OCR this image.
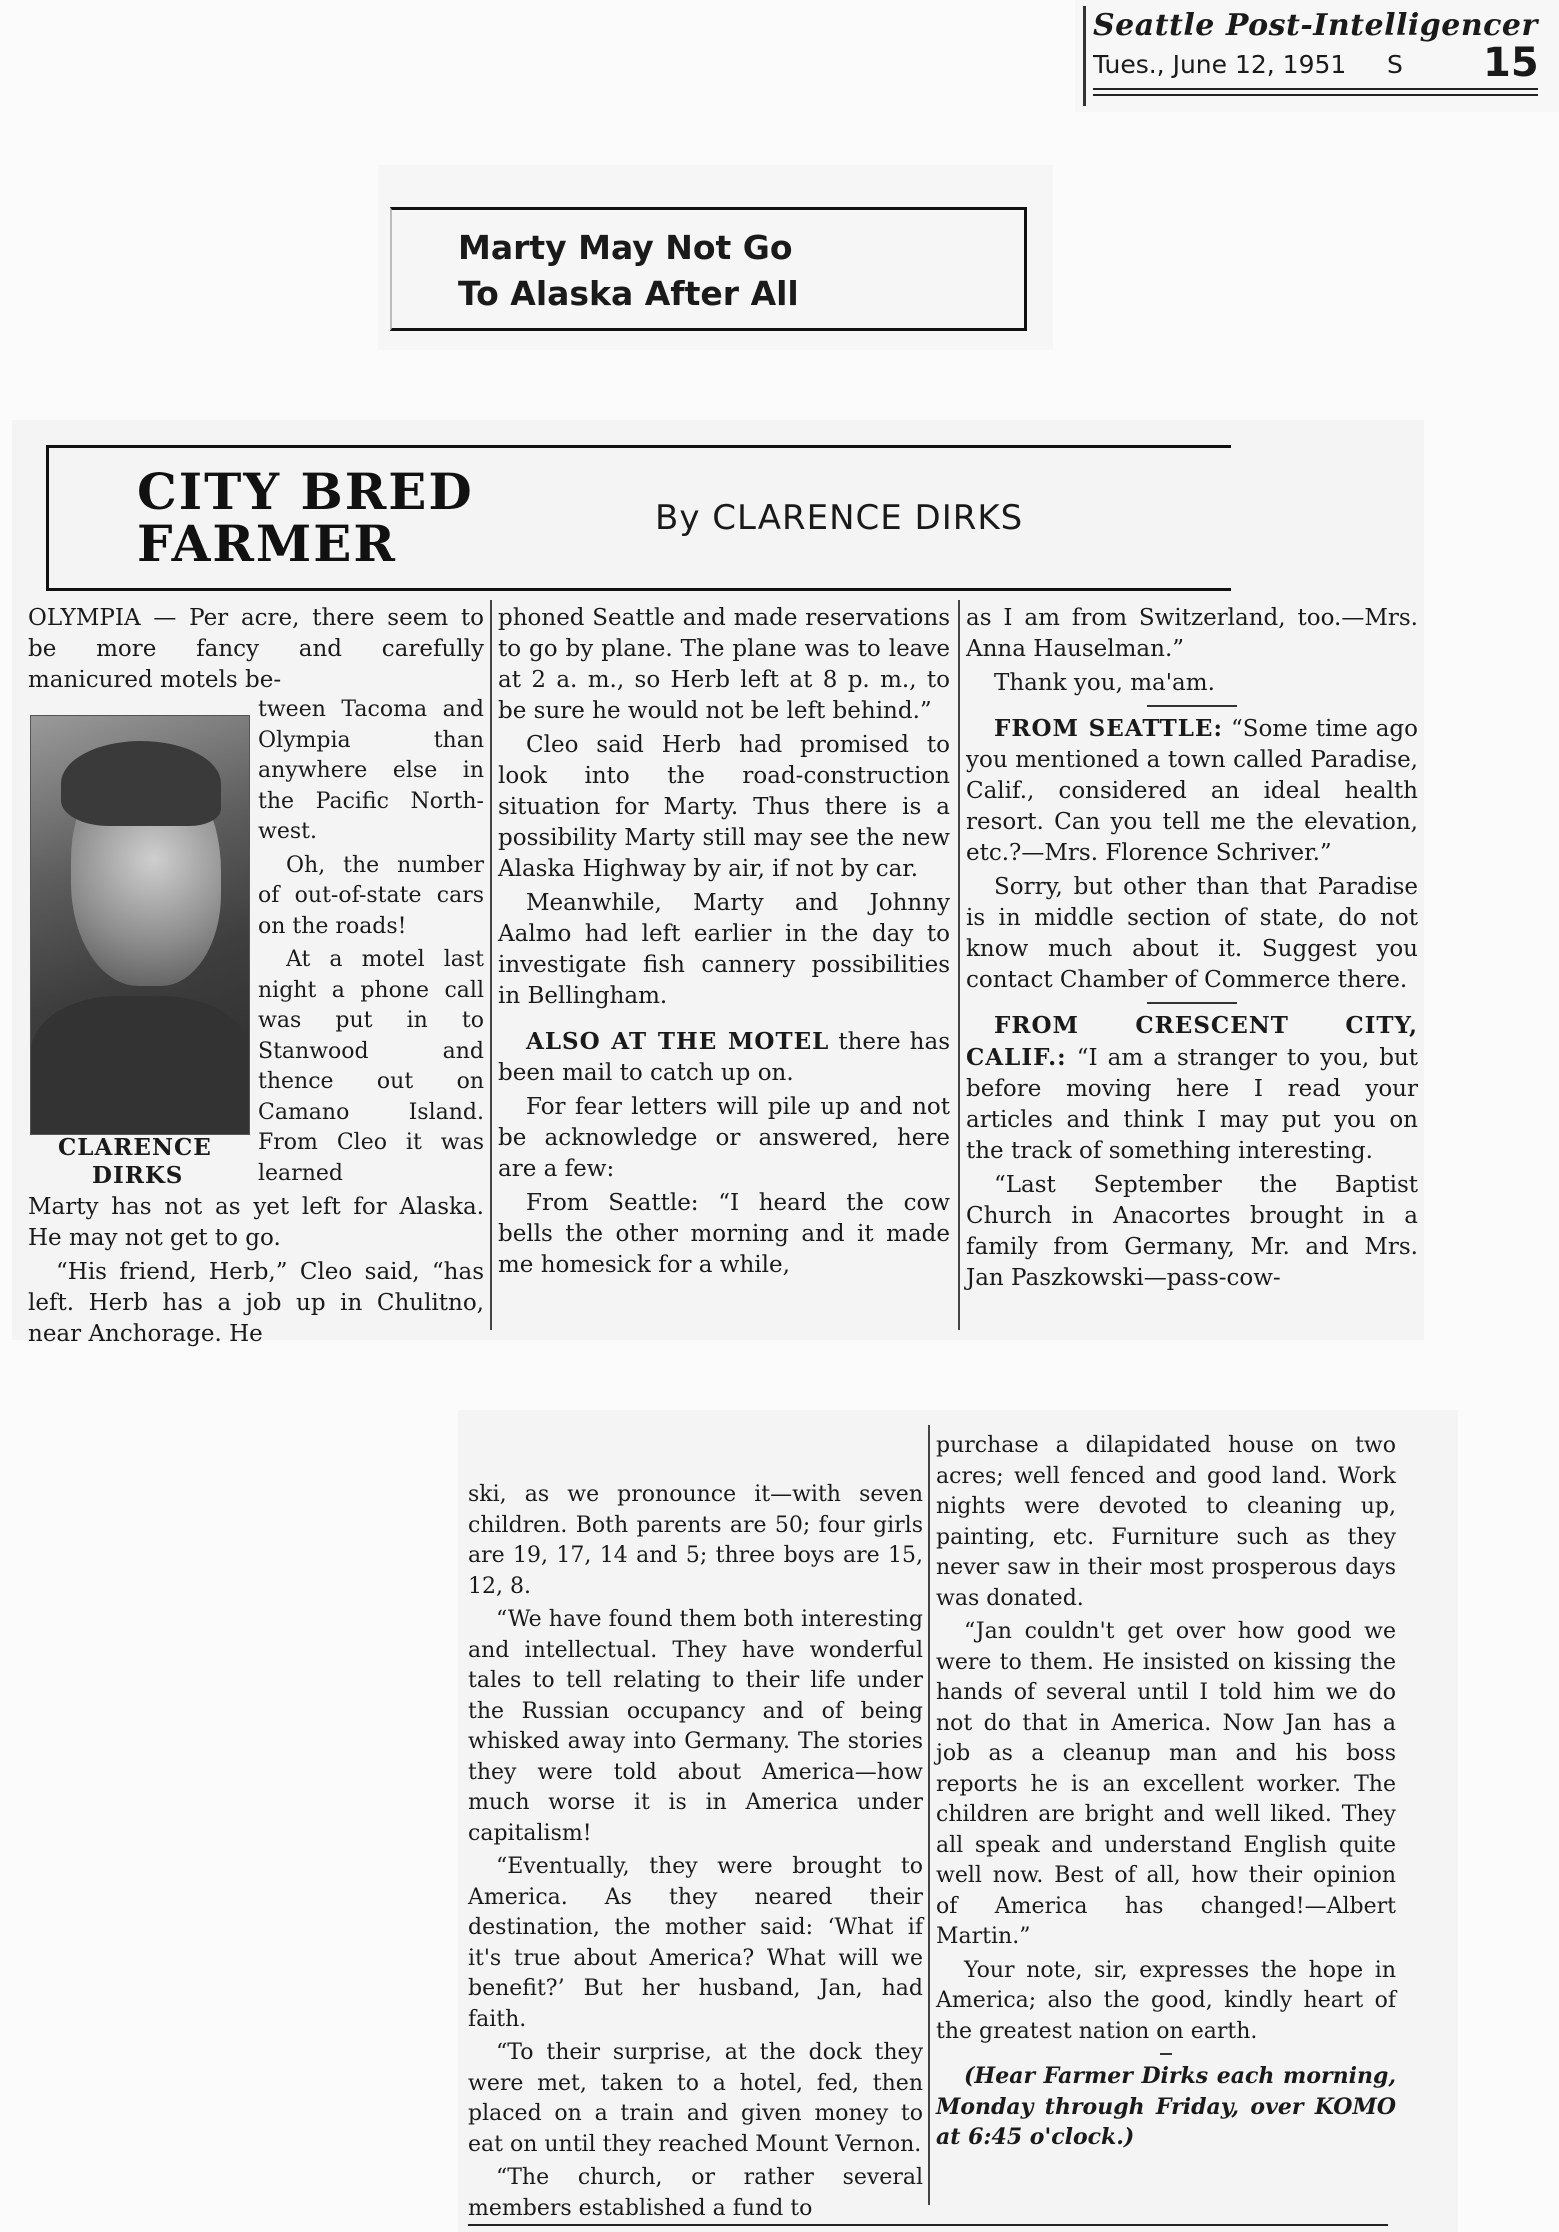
Seattle Post-Intelligencer
Tues., June 12, 1951 S 15
Marty May Not Go
To Alaska After All
CITY BRED
FARMER	By CLARENCE DIRKS
CLARENCE
DIRKS

OLYMPIA — Per acre, there seem to be more fancy and carefully manicured motels be-

tween Tacoma and Olympia than anywhere else in the Pacific North-west.

Oh, the number of out-of-state cars on the roads!

At a motel last night a phone call was put in to Stanwood and thence out on Camano Island. From Cleo it was learned

Marty has not as yet left for Alaska. He may not get to go.

“His friend, Herb,” Cleo said, “has left. Herb has a job up in Chulitno, near Anchorage. He

phoned Seattle and made reservations to go by plane. The plane was to leave at 2 a. m., so Herb left at 8 p. m., to be sure he would not be left behind.”

Cleo said Herb had promised to look into the road-construction situation for Marty. Thus there is a possibility Marty still may see the new Alaska Highway by air, if not by car.

Meanwhile, Marty and Johnny Aalmo had left earlier in the day to investigate fish cannery possibilities in Bellingham.

ALSO AT THE MOTEL there has been mail to catch up on.

For fear letters will pile up and not be acknowledge or answered, here are a few:

From Seattle: “I heard the cow bells the other morning and it made me homesick for a while,

as I am from Switzerland, too.—Mrs. Anna Hauselman.”

Thank you, ma'am.

FROM SEATTLE: “Some time ago you mentioned a town called Paradise, Calif., considered an ideal health resort. Can you tell me the elevation, etc.?—Mrs. Florence Schriver.”

Sorry, but other than that Paradise is in middle section of state, do not know much about it. Suggest you contact Chamber of Commerce there.

FROM CRESCENT CITY, CALIF.: “I am a stranger to you, but before moving here I read your articles and think I may put you on the track of something interesting.

“Last September the Baptist Church in Anacortes brought in a family from Germany, Mr. and Mrs. Jan Paszkowski—pass-cow-

ski, as we pronounce it—with seven children. Both parents are 50; four girls are 19, 17, 14 and 5; three boys are 15, 12, 8.

“We have found them both interesting and intellectual. They have wonderful tales to tell relating to their life under the Russian occupancy and of being whisked away into Germany. The stories they were told about America—how much worse it is in America under capitalism!

“Eventually, they were brought to America. As they neared their destination, the mother said: ‘What if it's true about America? What will we benefit?’ But her husband, Jan, had faith.

“To their surprise, at the dock they were met, taken to a hotel, fed, then placed on a train and given money to eat on until they reached Mount Vernon.

“The church, or rather several members established a fund to

purchase a dilapidated house on two acres; well fenced and good land. Work nights were devoted to cleaning up, painting, etc. Furniture such as they never saw in their most prosperous days was donated.

“Jan couldn't get over how good we were to them. He insisted on kissing the hands of several until I told him we do not do that in America. Now Jan has a job as a cleanup man and his boss reports he is an excellent worker. The children are bright and well liked. They all speak and understand English quite well now. Best of all, how their opinion of America has changed!—Albert Martin.”

Your note, sir, expresses the hope in America; also the good, kindly heart of the greatest nation on earth.

(Hear Farmer Dirks each morning, Monday through Friday, over KOMO at 6:45 o'clock.)
